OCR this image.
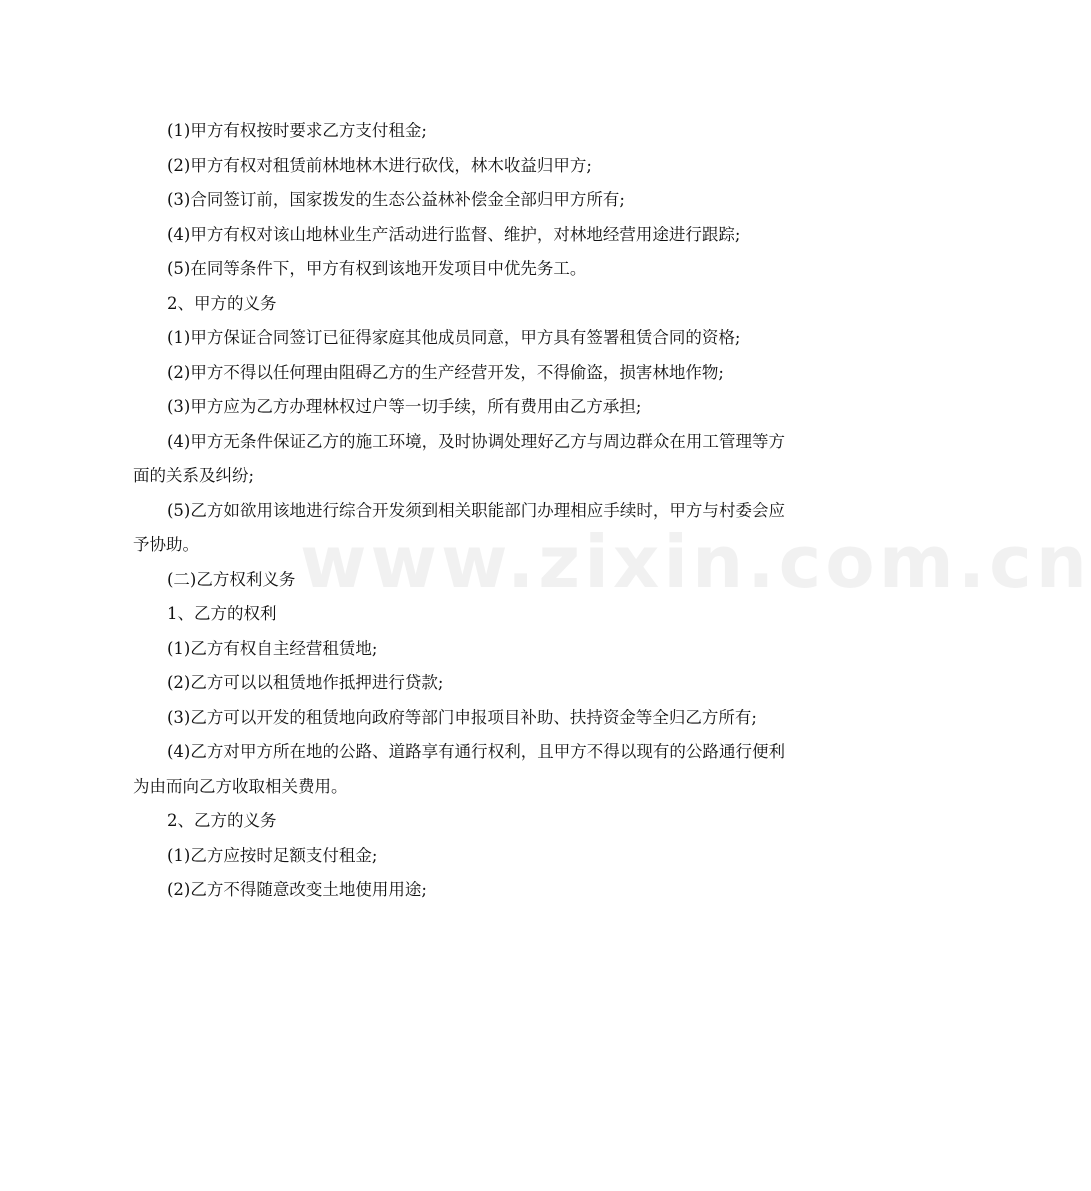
www.zixin.com.cn

(1)甲方有权按时要求乙方支付租金;

(2)甲方有权对租赁前林地林木进行砍伐，林木收益归甲方;

(3)合同签订前，国家拨发的生态公益林补偿金全部归甲方所有;

(4)甲方有权对该山地林业生产活动进行监督、维护，对林地经营用途进行跟踪;

(5)在同等条件下，甲方有权到该地开发项目中优先务工。

2、甲方的义务

(1)甲方保证合同签订已征得家庭其他成员同意，甲方具有签署租赁合同的资格;

(2)甲方不得以任何理由阻碍乙方的生产经营开发，不得偷盗，损害林地作物;

(3)甲方应为乙方办理林权过户等一切手续，所有费用由乙方承担;

(4)甲方无条件保证乙方的施工环境，及时协调处理好乙方与周边群众在用工管理等方面的关系及纠纷;

(5)乙方如欲用该地进行综合开发须到相关职能部门办理相应手续时，甲方与村委会应予协助。

(二)乙方权利义务

1、乙方的权利

(1)乙方有权自主经营租赁地;

(2)乙方可以以租赁地作抵押进行贷款;

(3)乙方可以开发的租赁地向政府等部门申报项目补助、扶持资金等全归乙方所有;

(4)乙方对甲方所在地的公路、道路享有通行权利，且甲方不得以现有的公路通行便利为由而向乙方收取相关费用。

2、乙方的义务

(1)乙方应按时足额支付租金;

(2)乙方不得随意改变土地使用用途;
